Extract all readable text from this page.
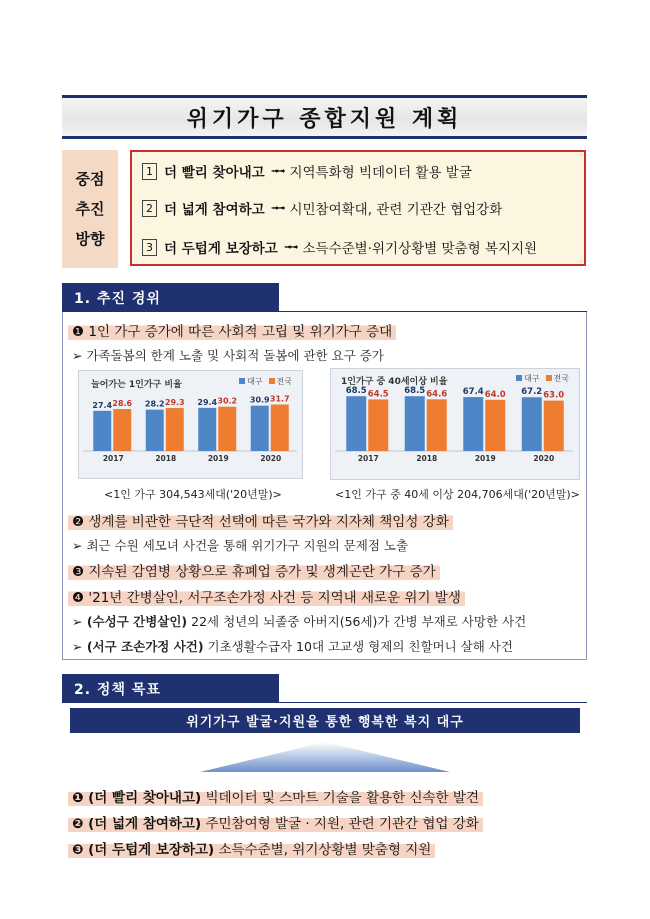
위기가구 종합지원 계획
중점
추진
방향
1 더 빨리 찾아내고 ➟➟ 지역특화형 빅데이터 활용 발굴
2 더 넓게 참여하고 ➟➟ 시민참여확대, 관련 기관간 협업강화
3 더 두텁게 보장하고 ➟➟ 소득수준별·위기상황별 맞춤형 복지지원
1. 추진 경위
❶ 1인 가구 증가에 따른 사회적 고립 및 위기가구 증대
➢ 가족돌봄의 한계 노출 및 사회적 돌봄에 관한 요구 증가
늘어가는 1인가구 비율	대구	전국
27.4 28.6
2017
28.2 29.3
2018
29.4 30.2
2019
30.9 31.7
2020
1인가구 중 40세이상 비율	대구	전국
68.5 64.5
2017
68.5 64.6
2018
67.4 64.0
2019
67.2 63.0
2020
<1인 가구 304,543세대('20년말)>	<1인 가구 중 40세 이상 204,706세대('20년말)>
❷ 생계를 비관한 극단적 선택에 따른 국가와 지자체 책임성 강화
➢ 최근 수원 세모녀 사건을 통해 위기가구 지원의 문제점 노출
❸ 지속된 감염병 상황으로 휴폐업 증가 및 생계곤란 가구 증가
❹ '21년 간병살인, 서구조손가정 사건 등 지역내 새로운 위기 발생
➢ (수성구 간병살인) 22세 청년의 뇌졸중 아버지(56세)가 간병 부재로 사망한 사건
➢ (서구 조손가정 사건) 기초생활수급자 10대 고교생 형제의 친할머니 살해 사건
2. 정책 목표
위기가구 발굴·지원을 통한 행복한 복지 대구
❶ (더 빨리 찾아내고) 빅데이터 및 스마트 기술을 활용한 신속한 발견
❷ (더 넓게 참여하고) 주민참여형 발굴 · 지원, 관련 기관간 협업 강화
❸ (더 두텁게 보장하고) 소득수준별, 위기상황별 맞춤형 지원
